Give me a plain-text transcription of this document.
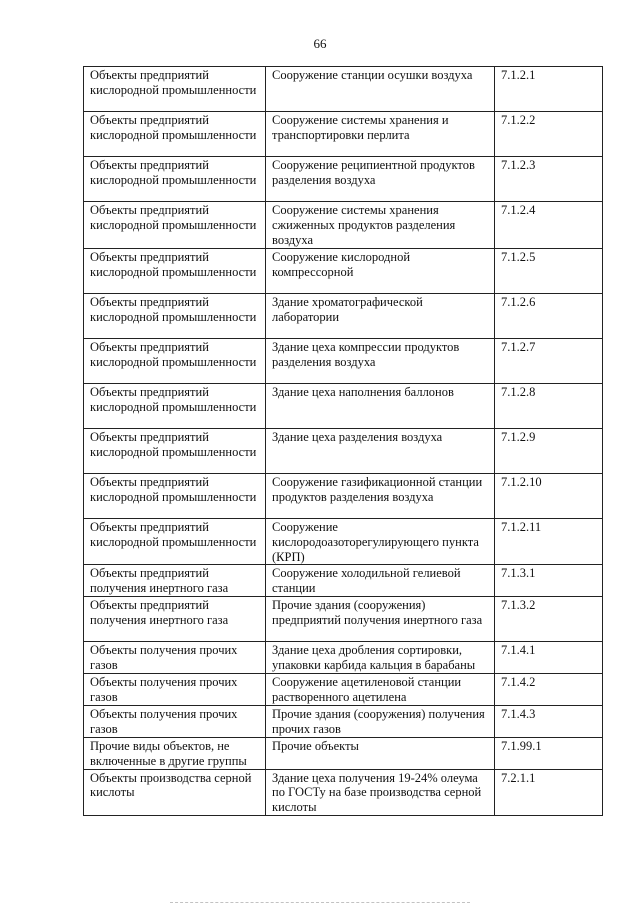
66
Объекты предприятий кислородной промышленности	Сооружение станции осушки воздуха	7.1.2.1
Объекты предприятий кислородной промышленности	Сооружение системы хранения и транспортировки перлита	7.1.2.2
Объекты предприятий кислородной промышленности	Сооружение реципиентной продуктов разделения воздуха	7.1.2.3
Объекты предприятий кислородной промышленности	Сооружение системы хранения сжиженных продуктов разделения воздуха	7.1.2.4
Объекты предприятий кислородной промышленности	Сооружение кислородной компрессорной	7.1.2.5
Объекты предприятий кислородной промышленности	Здание хроматографической лаборатории	7.1.2.6
Объекты предприятий кислородной промышленности	Здание цеха компрессии продуктов разделения воздуха	7.1.2.7
Объекты предприятий кислородной промышленности	Здание цеха наполнения баллонов	7.1.2.8
Объекты предприятий кислородной промышленности	Здание цеха разделения воздуха	7.1.2.9
Объекты предприятий кислородной промышленности	Сооружение газификационной станции продуктов разделения воздуха	7.1.2.10
Объекты предприятий кислородной промышленности	Сооружение кислородоазоторегулирующего пункта (КРП)	7.1.2.11
Объекты предприятий получения инертного газа	Сооружение холодильной гелиевой станции	7.1.3.1
Объекты предприятий получения инертного газа	Прочие здания (сооружения) предприятий получения инертного газа	7.1.3.2
Объекты получения прочих газов	Здание цеха дробления сортировки, упаковки карбида кальция в барабаны	7.1.4.1
Объекты получения прочих газов	Сооружение ацетиленовой станции растворенного ацетилена	7.1.4.2
Объекты получения прочих газов	Прочие здания (сооружения) получения прочих газов	7.1.4.3
Прочие виды объектов, не включенные в другие группы	Прочие объекты	7.1.99.1
Объекты производства серной кислоты	Здание цеха получения 19-24% олеума по ГОСТу на базе производства серной кислоты	7.2.1.1
